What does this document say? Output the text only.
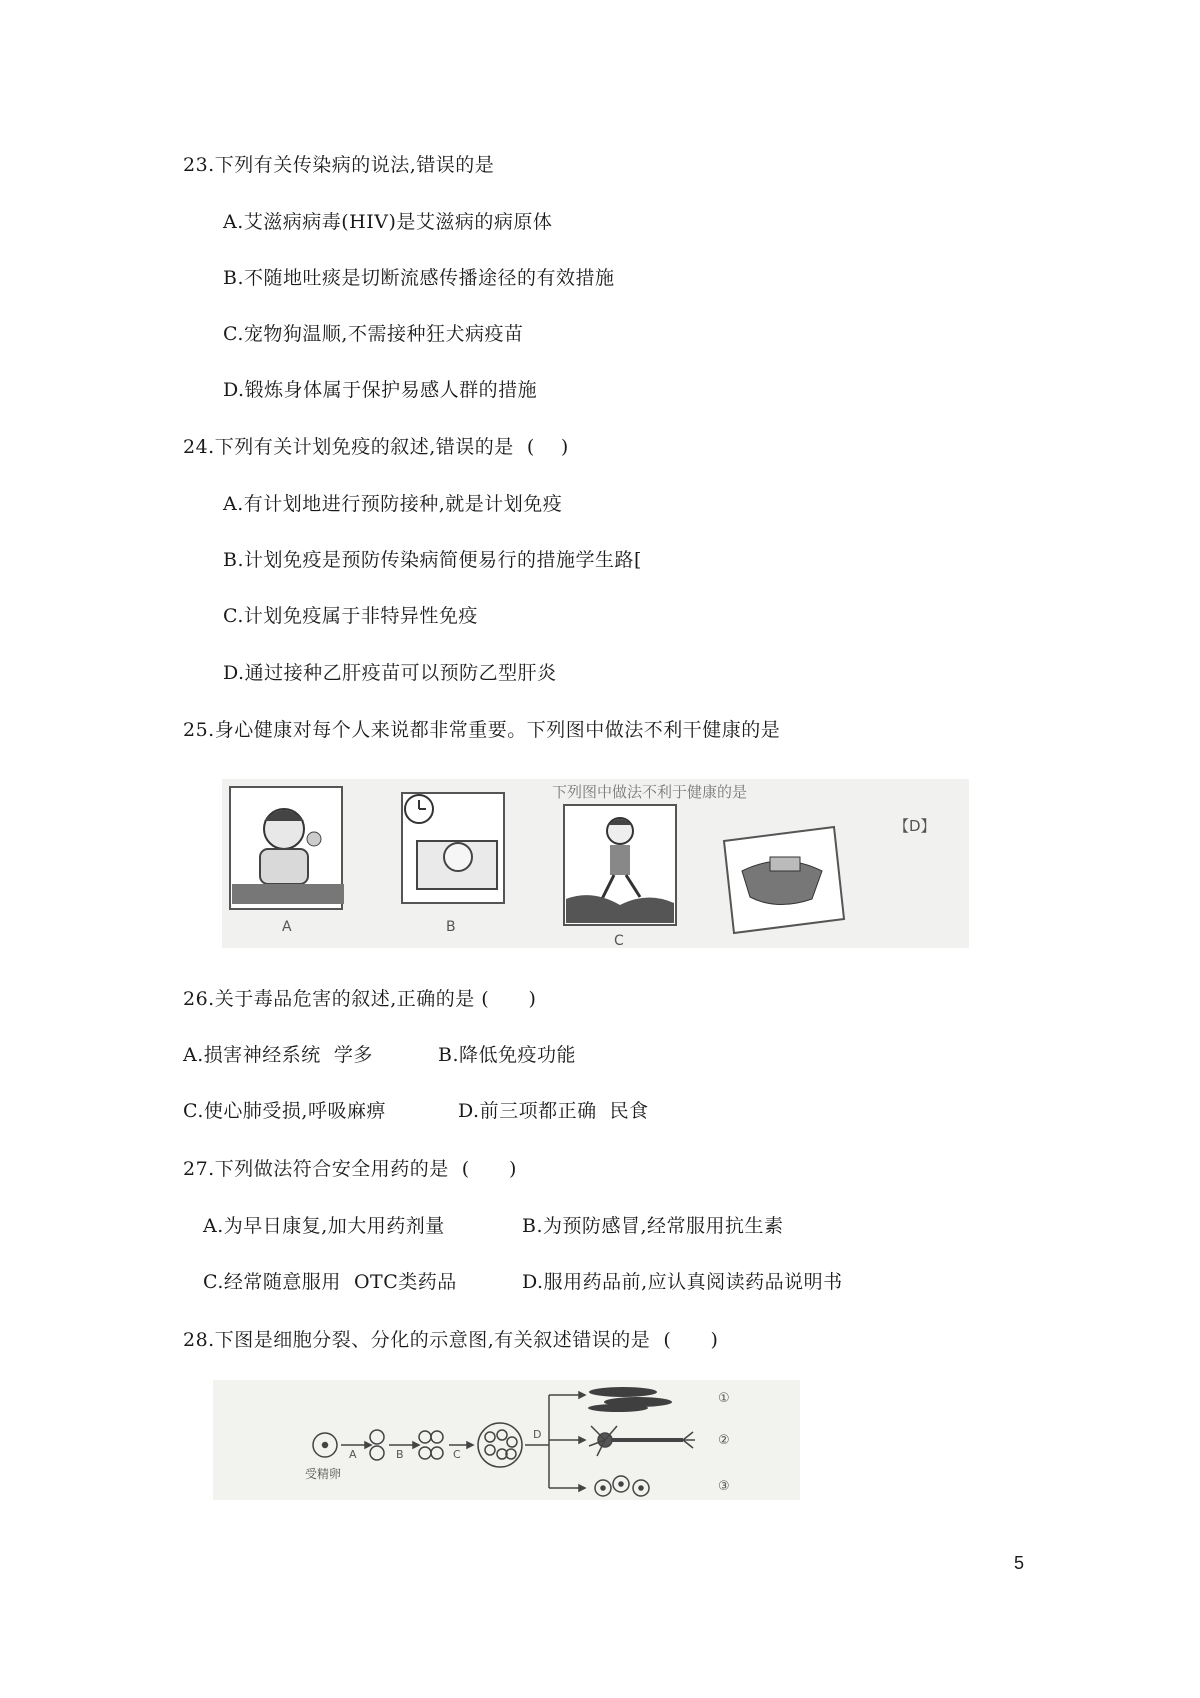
23.下列有关传染病的说法,错误的是
A.艾滋病病毒(HIV)是艾滋病的病原体
B.不随地吐痰是切断流感传播途径的有效措施
C.宠物狗温顺,不需接种狂犬病疫苗
D.锻炼身体属于保护易感人群的措施
24.下列有关计划免疫的叙述,错误的是  (    )
A.有计划地进行预防接种,就是计划免疫
B.计划免疫是预防传染病简便易行的措施学生路[
C.计划免疫属于非特异性免疫
D.通过接种乙肝疫苗可以预防乙型肝炎
25.身心健康对每个人来说都非常重要。下列图中做法不利干健康的是
下列图中做法不利于健康的是
【D】
A	B
C
26.关于毒品危害的叙述,正确的是 (      )
A.损害神经系统  学多	B.降低免疫功能
C.使心肺受损,呼吸麻痹	D.前三项都正确  民食
27.下列做法符合安全用药的是  (      )
A.为早日康复,加大用药剂量	B.为预防感冒,经常服用抗生素
C.经常随意服用  OTC类药品	D.服用药品前,应认真阅读药品说明书
28.下图是细胞分裂、分化的示意图,有关叙述错误的是  (      )
A	B	C
D
受精卵
①
②
③
5
